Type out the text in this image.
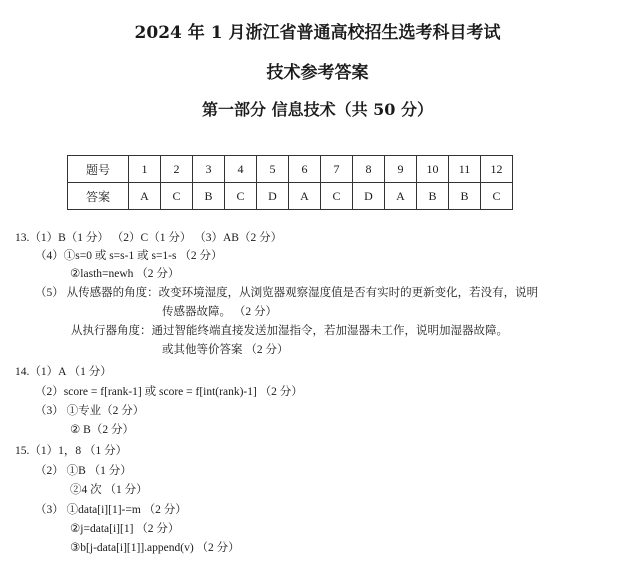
2024 年 1 月浙江省普通高校招生选考科目考试
技术参考答案
第一部分 信息技术（共 50 分）
题号	1	2	3	4	5	6	7	8	9	10	11	12
答案	A	C	B	C	D	A	C	D	A	B	B	C
13.（1）B（1 分） （2）C（1 分） （3）AB（2 分）
（4）①s=0 或 s=s-1 或 s=1-s （2 分）
②lasth=newh （2 分）
（5） 从传感器的角度：改变环境湿度，从浏览器观察湿度值是否有实时的更新变化，若没有，说明
传感器故障。 （2 分）
从执行器角度：通过智能终端直接发送加湿指令，若加湿器未工作，说明加湿器故障。
或其他等价答案 （2 分）
14.（1）A （1 分）
（2）score = f[rank-1] 或 score = f[int(rank)-1] （2 分）
（3） ①专业（2 分）
② B（2 分）
15.（1）1，8 （1 分）
（2） ①B （1 分）
②4 次 （1 分）
（3） ①data[i][1]-=m （2 分）
②j=data[i][1] （2 分）
③b[j-data[i][1]].append(v) （2 分）
